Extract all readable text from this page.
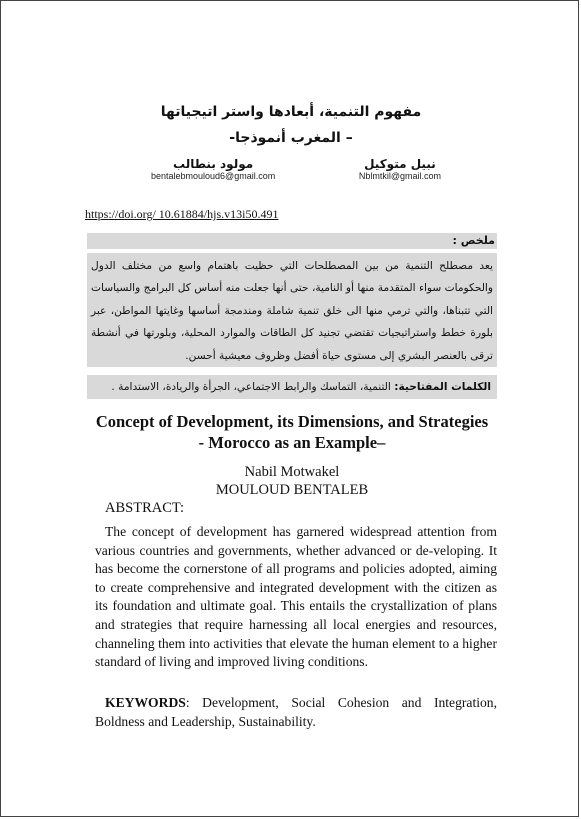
مفهوم التنمية، أبعادها واستر اتيجياتها
– المغرب أنموذجا-
مولود بنطالب
bentalebmouloud6@gmail.com
نبيل متوكيل
Nblmtkil@gmail.com
https://doi.org/ 10.61884/hjs.v13i50.491
ملخص :
يعد مصطلح التنمية من بين المصطلحات التي حظيت باهتمام واسع من مختلف الدول والحكومات سواء المتقدمة منها أو النامية، حتى أنها جعلت منه أساس كل البرامج والسياسات التي تتبناها، والتي ترمي منها الى خلق تنمية شاملة ومندمجة أساسها وغايتها المواطن، عبر بلورة خطط واستراتيجيات تقتضي تجنيد كل الطاقات والموارد المحلية، وبلورتها في أنشطة ترقى بالعنصر البشري إلى مستوى حياة أفضل وظروف معيشية أحسن.
الكلمات المفتاحية: التنمية، التماسك والرابط الاجتماعي، الجرأة والريادة، الاستدامة .
Concept of Development, its Dimensions, and Strategies
- Morocco as an Example–
Nabil Motwakel
MOULOUD BENTALEB
ABSTRACT:

The concept of development has garnered widespread attention from various countries and governments, whether advanced or de-veloping. It has become the cornerstone of all programs and policies adopted, aiming to create comprehensive and integrated development with the citizen as its foundation and ultimate goal. This entails the crystallization of plans and strategies that require harnessing all local energies and resources, channeling them into activities that elevate the human element to a higher standard of living and improved living conditions.

KEYWORDS: Development, Social Cohesion and Integration, Boldness and Leadership, Sustainability.
